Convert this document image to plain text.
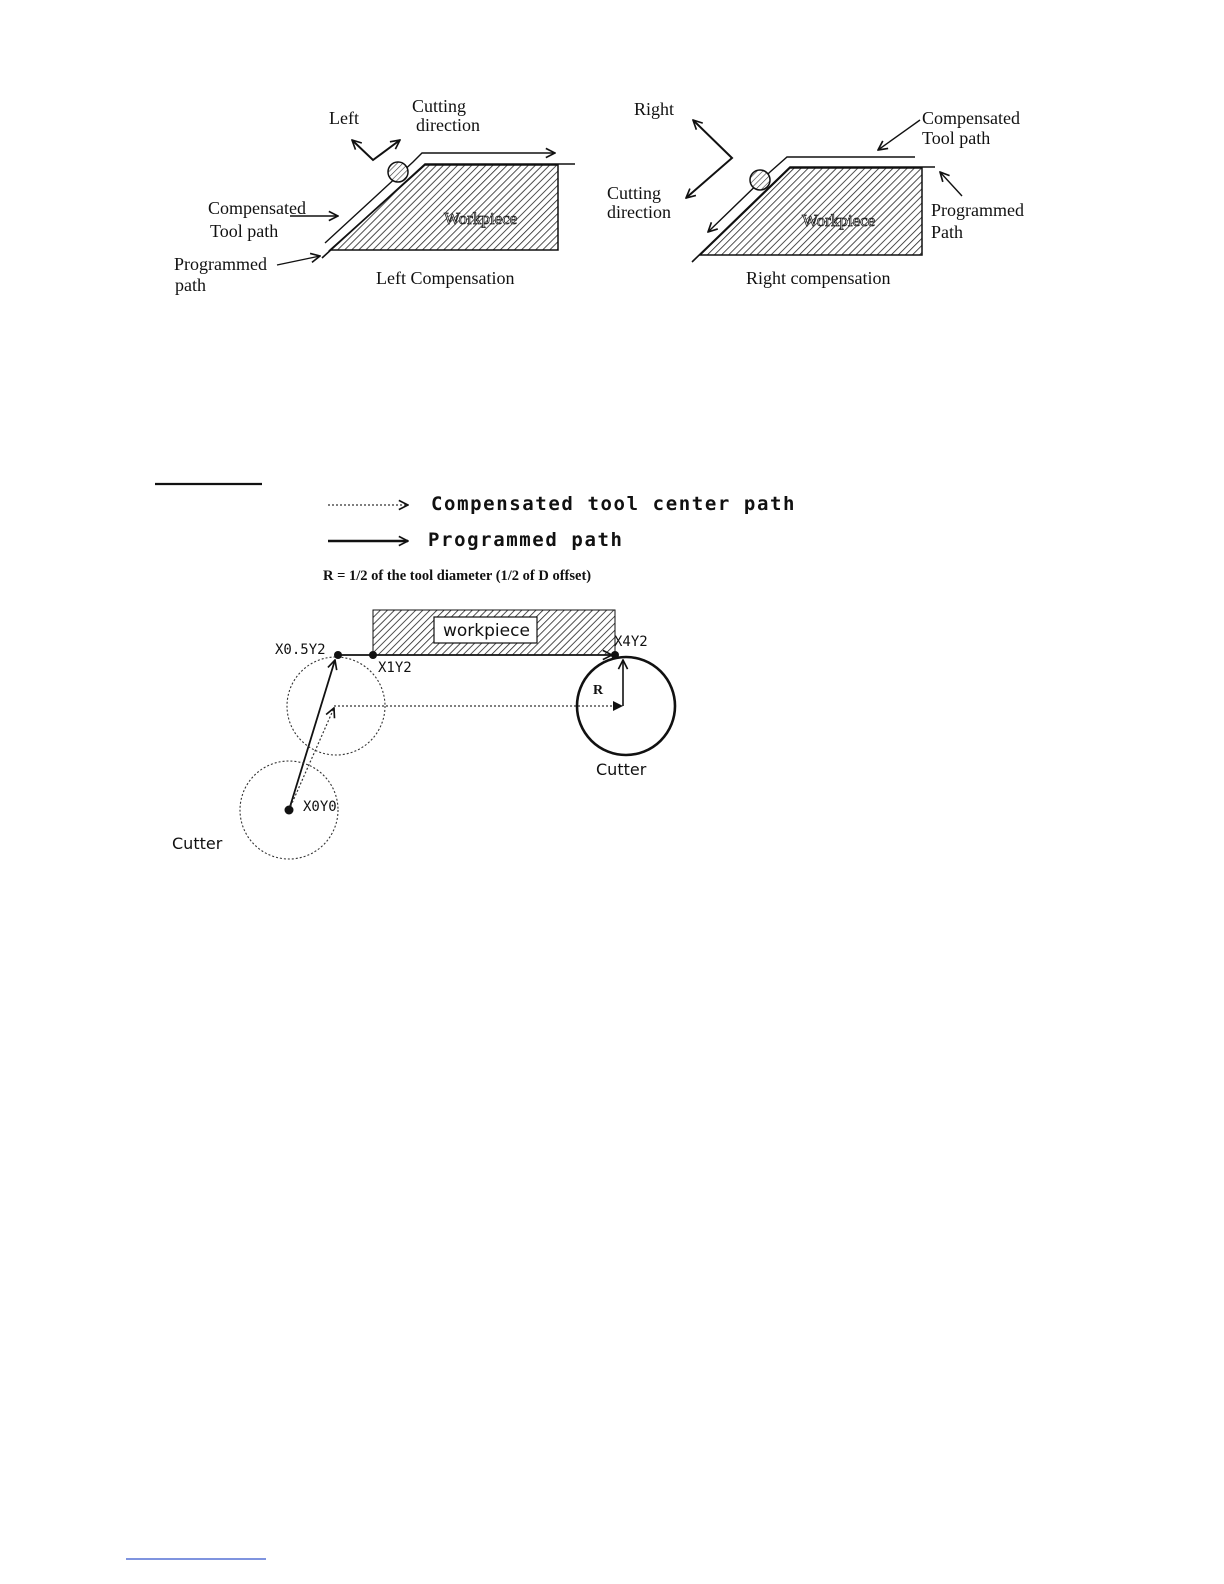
Workpiece
Left
Cutting
direction
Compensated
Tool path
Programmed
path	Left Compensation
Workpiece
Right
Cutting
direction
Compensated
Tool path
Programmed
Path
Right compensation
Compensated tool center path
Programmed path
R = 1/2 of the tool diameter (1/2 of D offset)
workpiece
R
X0.5Y2
X1Y2
X4Y2
X0Y0
Cutter
Cutter
